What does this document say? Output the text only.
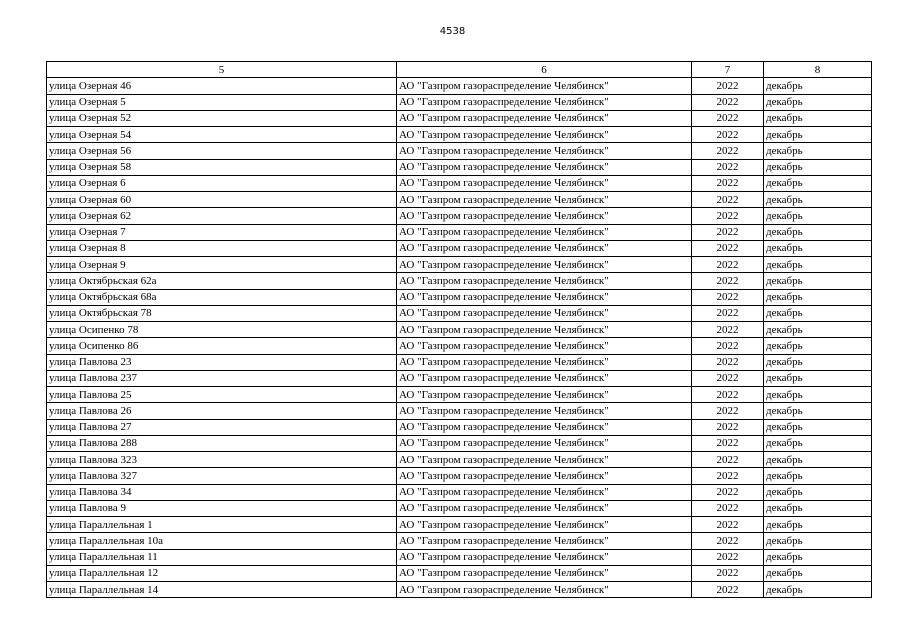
4538
5	6	7	8
улица Озерная 46	АО "Газпром газораспределение Челябинск"	2022	декабрь
улица Озерная 5	АО "Газпром газораспределение Челябинск"	2022	декабрь
улица Озерная 52	АО "Газпром газораспределение Челябинск"	2022	декабрь
улица Озерная 54	АО "Газпром газораспределение Челябинск"	2022	декабрь
улица Озерная 56	АО "Газпром газораспределение Челябинск"	2022	декабрь
улица Озерная 58	АО "Газпром газораспределение Челябинск"	2022	декабрь
улица Озерная 6	АО "Газпром газораспределение Челябинск"	2022	декабрь
улица Озерная 60	АО "Газпром газораспределение Челябинск"	2022	декабрь
улица Озерная 62	АО "Газпром газораспределение Челябинск"	2022	декабрь
улица Озерная 7	АО "Газпром газораспределение Челябинск"	2022	декабрь
улица Озерная 8	АО "Газпром газораспределение Челябинск"	2022	декабрь
улица Озерная 9	АО "Газпром газораспределение Челябинск"	2022	декабрь
улица Октябрьская 62а	АО "Газпром газораспределение Челябинск"	2022	декабрь
улица Октябрьская 68а	АО "Газпром газораспределение Челябинск"	2022	декабрь
улица Октябрьская 78	АО "Газпром газораспределение Челябинск"	2022	декабрь
улица Осипенко 78	АО "Газпром газораспределение Челябинск"	2022	декабрь
улица Осипенко 86	АО "Газпром газораспределение Челябинск"	2022	декабрь
улица Павлова 23	АО "Газпром газораспределение Челябинск"	2022	декабрь
улица Павлова 237	АО "Газпром газораспределение Челябинск"	2022	декабрь
улица Павлова 25	АО "Газпром газораспределение Челябинск"	2022	декабрь
улица Павлова 26	АО "Газпром газораспределение Челябинск"	2022	декабрь
улица Павлова 27	АО "Газпром газораспределение Челябинск"	2022	декабрь
улица Павлова 288	АО "Газпром газораспределение Челябинск"	2022	декабрь
улица Павлова 323	АО "Газпром газораспределение Челябинск"	2022	декабрь
улица Павлова 327	АО "Газпром газораспределение Челябинск"	2022	декабрь
улица Павлова 34	АО "Газпром газораспределение Челябинск"	2022	декабрь
улица Павлова 9	АО "Газпром газораспределение Челябинск"	2022	декабрь
улица Параллельная 1	АО "Газпром газораспределение Челябинск"	2022	декабрь
улица Параллельная 10а	АО "Газпром газораспределение Челябинск"	2022	декабрь
улица Параллельная 11	АО "Газпром газораспределение Челябинск"	2022	декабрь
улица Параллельная 12	АО "Газпром газораспределение Челябинск"	2022	декабрь
улица Параллельная 14	АО "Газпром газораспределение Челябинск"	2022	декабрь
